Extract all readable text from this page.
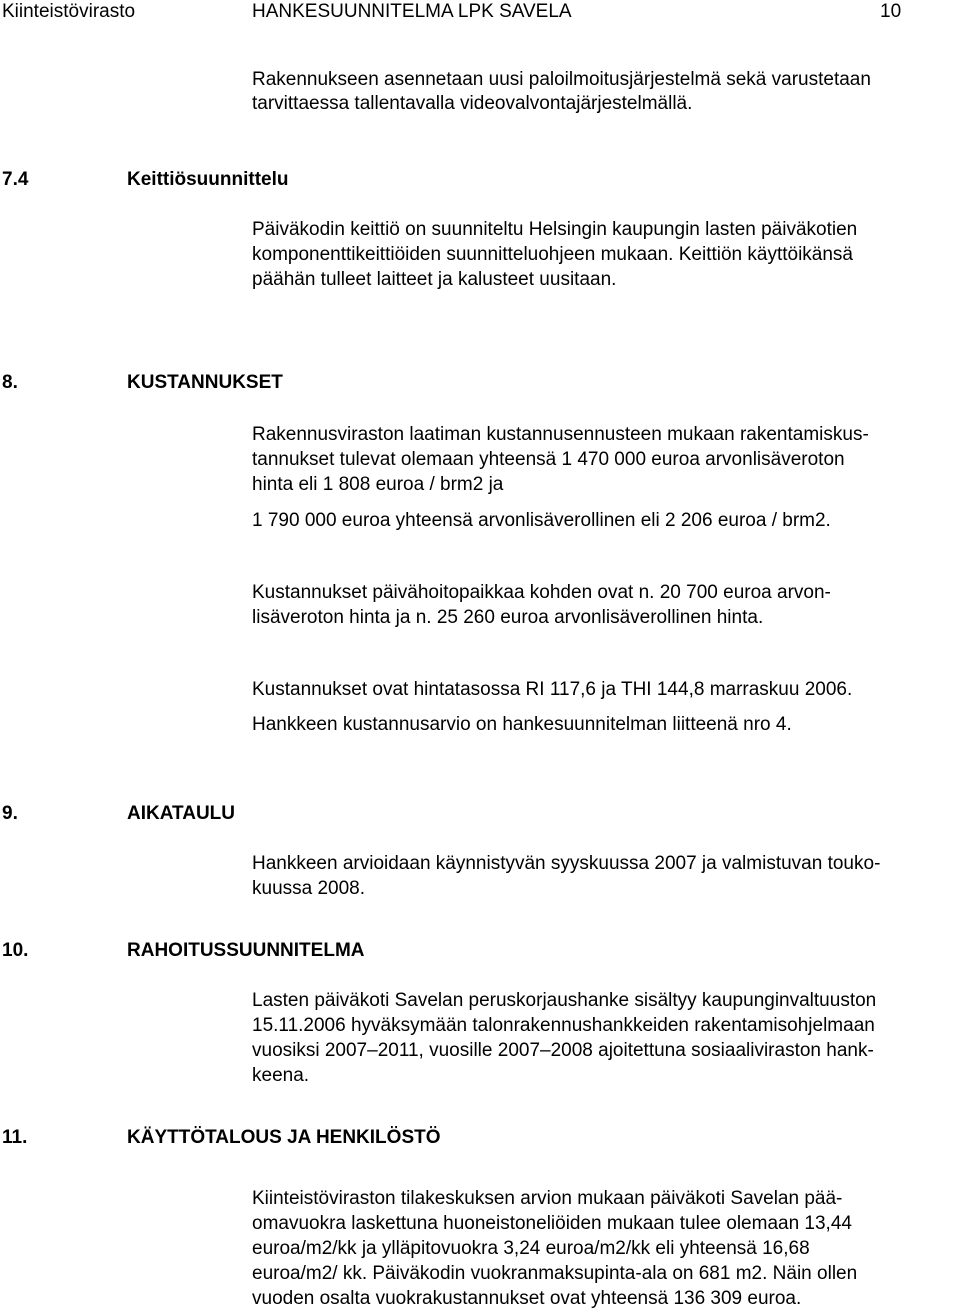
Kiinteistövirasto	HANKESUUNNITELMA LPK SAVELA	10
Rakennukseen asennetaan uusi paloilmoitusjärjestelmä sekä varustetaan
tarvittaessa tallentavalla videovalvontajärjestelmällä.
7.4	Keittiösuunnittelu
Päiväkodin keittiö on suunniteltu Helsingin kaupungin lasten päiväkotien
komponenttikeittiöiden suunnitteluohjeen mukaan. Keittiön käyttöikänsä
päähän tulleet laitteet ja kalusteet uusitaan.
8.	KUSTANNUKSET
Rakennusviraston laatiman kustannusennusteen mukaan rakentamiskus-
tannukset tulevat olemaan yhteensä 1 470 000 euroa arvonlisäveroton
hinta eli 1 808 euroa / brm2 ja
1 790 000 euroa yhteensä arvonlisäverollinen eli 2 206 euroa / brm2.
Kustannukset päivähoitopaikkaa kohden ovat n. 20 700 euroa arvon-
lisäveroton hinta ja n. 25 260 euroa arvonlisäverollinen hinta.
Kustannukset ovat hintatasossa RI 117,6 ja THI 144,8 marraskuu 2006.
Hankkeen kustannusarvio on hankesuunnitelman liitteenä nro 4.
9.	AIKATAULU
Hankkeen arvioidaan käynnistyvän syyskuussa 2007 ja valmistuvan touko-
kuussa 2008.
10.	RAHOITUSSUUNNITELMA
Lasten päiväkoti Savelan peruskorjaushanke sisältyy kaupunginvaltuuston
15.11.2006 hyväksymään talonrakennushankkeiden rakentamisohjelmaan
vuosiksi 2007–2011, vuosille 2007–2008 ajoitettuna sosiaaliviraston hank-
keena.
11.	KÄYTTÖTALOUS JA HENKILÖSTÖ
Kiinteistöviraston tilakeskuksen arvion mukaan päiväkoti Savelan pää-
omavuokra laskettuna huoneistoneliöiden mukaan tulee olemaan 13,44
euroa/m2/kk ja ylläpitovuokra 3,24 euroa/m2/kk eli yhteensä 16,68
euroa/m2/ kk. Päiväkodin vuokranmaksupinta-ala on 681 m2. Näin ollen
vuoden osalta vuokrakustannukset ovat yhteensä 136 309 euroa.
